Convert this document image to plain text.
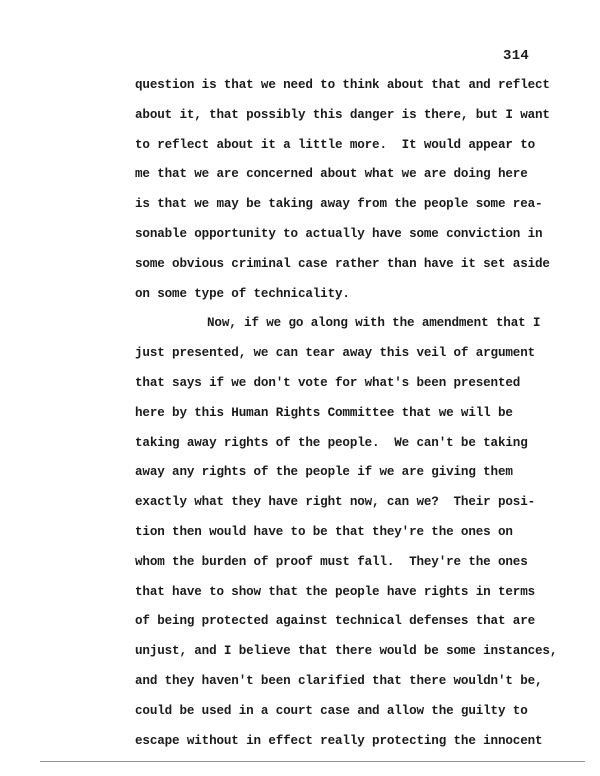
314
question is that we need to think about that and reflect
about it, that possibly this danger is there, but I want
to reflect about it a little more.  It would appear to
me that we are concerned about what we are doing here
is that we may be taking away from the people some rea-
sonable opportunity to actually have some conviction in
some obvious criminal case rather than have it set aside
on some type of technicality.
Now, if we go along with the amendment that I
just presented, we can tear away this veil of argument
that says if we don't vote for what's been presented
here by this Human Rights Committee that we will be
taking away rights of the people.  We can't be taking
away any rights of the people if we are giving them
exactly what they have right now, can we?  Their posi-
tion then would have to be that they're the ones on
whom the burden of proof must fall.  They're the ones
that have to show that the people have rights in terms
of being protected against technical defenses that are
unjust, and I believe that there would be some instances,
and they haven't been clarified that there wouldn't be,
could be used in a court case and allow the guilty to
escape without in effect really protecting the innocent
